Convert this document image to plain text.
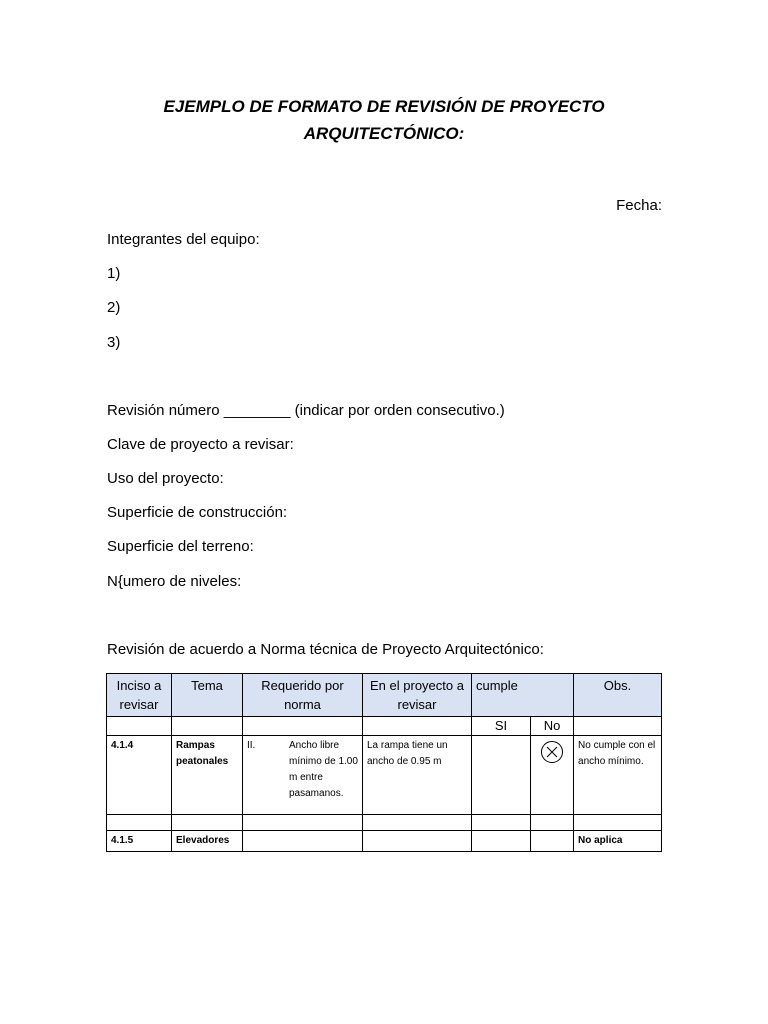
EJEMPLO DE FORMATO DE REVISIÓN DE PROYECTO
ARQUITECTÓNICO:
Fecha:
Integrantes del equipo:
1)
2)
3)
Revisión número ________ (indicar por orden consecutivo.)
Clave de proyecto a revisar:
Uso del proyecto:
Superficie de construcción:
Superficie del terreno:
N{umero de niveles:
Revisión de acuerdo a Norma técnica de Proyecto Arquitectónico:
Inciso a revisar	Tema	Requerido por norma	En el proyecto a revisar	cumple		Obs.
				SI	No	
4.1.4	Rampas peatonales	II. Ancho libre mínimo de 1.00 m entre pasamanos.	La rampa tiene un ancho de 0.95 m			No cumple con el ancho mínimo.

4.1.5	Elevadores					No aplica
